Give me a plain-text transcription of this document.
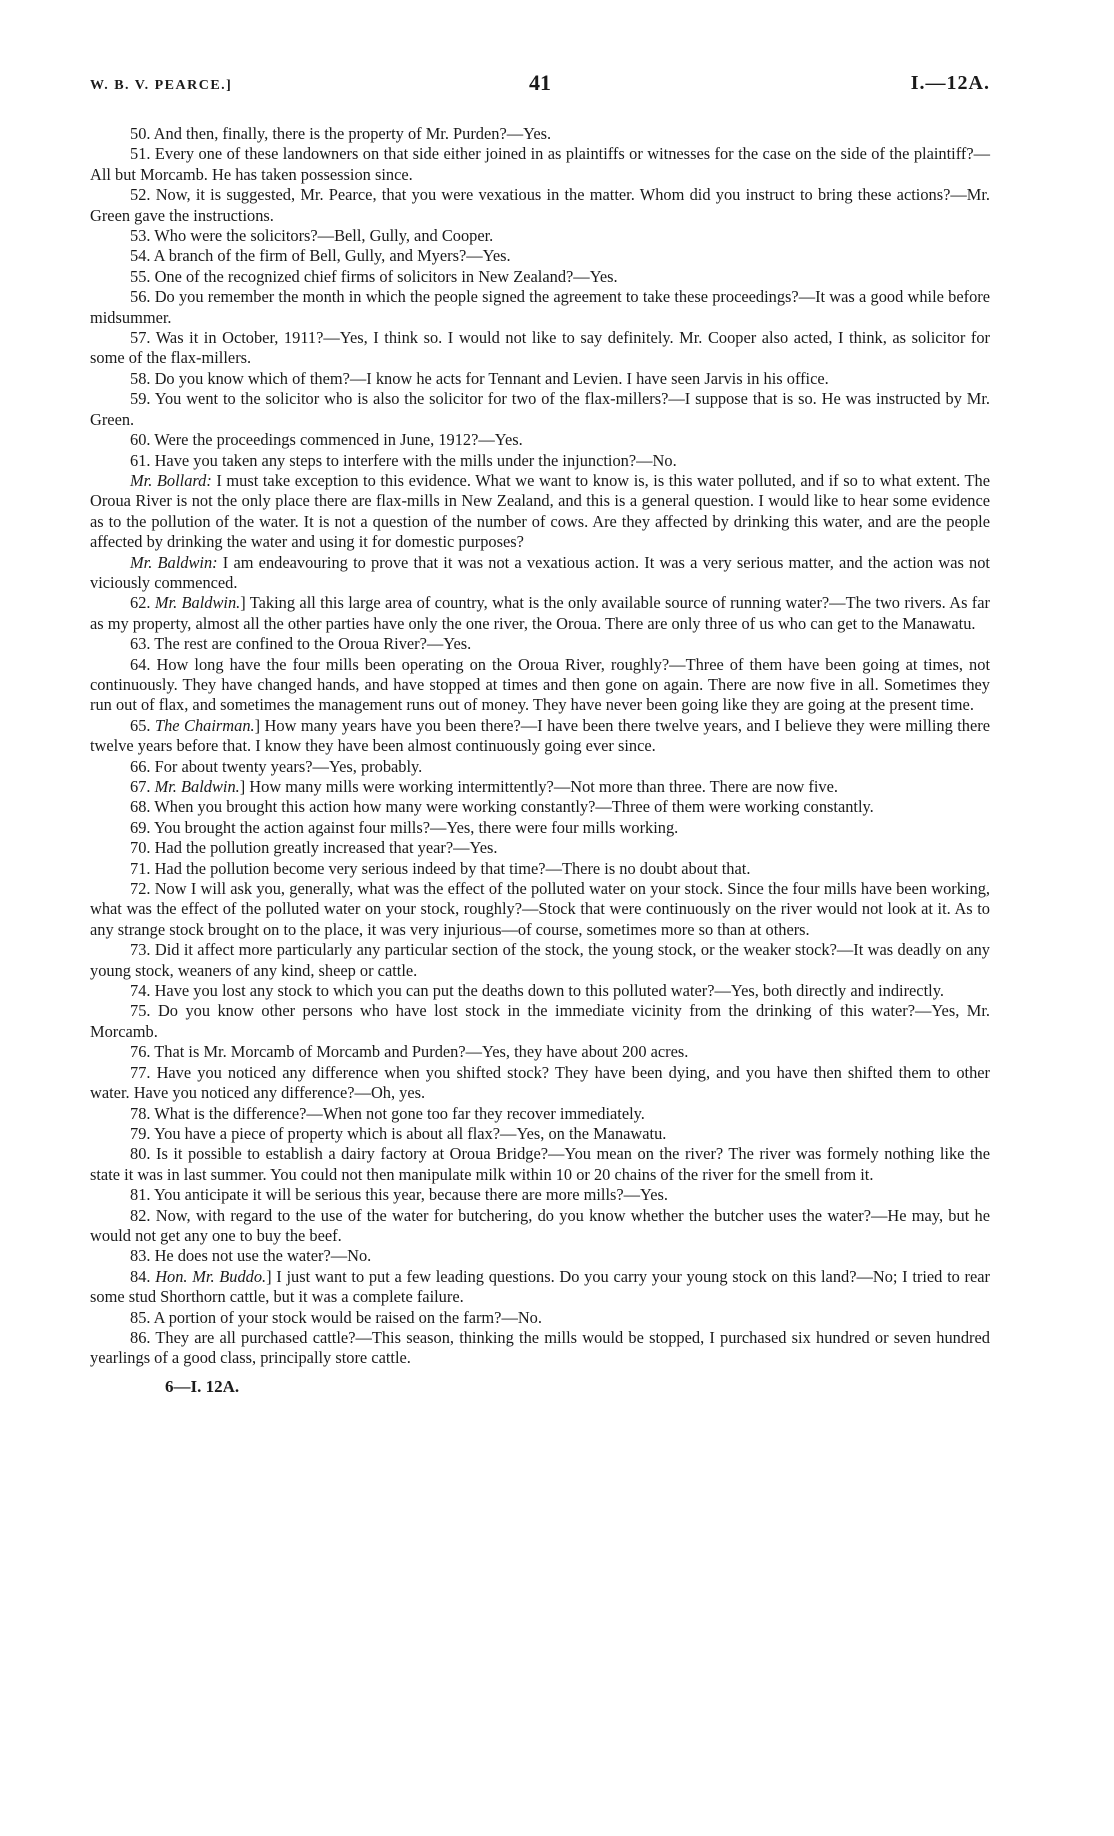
W. B. V. PEARCE.]	41	I.—12A.

50. And then, finally, there is the property of Mr. Purden?—Yes.

51. Every one of these landowners on that side either joined in as plaintiffs or witnesses for the case on the side of the plaintiff?—All but Morcamb. He has taken possession since.

52. Now, it is suggested, Mr. Pearce, that you were vexatious in the matter. Whom did you instruct to bring these actions?—Mr. Green gave the instructions.

53. Who were the solicitors?—Bell, Gully, and Cooper.

54. A branch of the firm of Bell, Gully, and Myers?—Yes.

55. One of the recognized chief firms of solicitors in New Zealand?—Yes.

56. Do you remember the month in which the people signed the agreement to take these proceedings?—It was a good while before midsummer.

57. Was it in October, 1911?—Yes, I think so. I would not like to say definitely. Mr. Cooper also acted, I think, as solicitor for some of the flax-millers.

58. Do you know which of them?—I know he acts for Tennant and Levien. I have seen Jarvis in his office.

59. You went to the solicitor who is also the solicitor for two of the flax-millers?—I suppose that is so. He was instructed by Mr. Green.

60. Were the proceedings commenced in June, 1912?—Yes.

61. Have you taken any steps to interfere with the mills under the injunction?—No.

Mr. Bollard: I must take exception to this evidence. What we want to know is, is this water polluted, and if so to what extent. The Oroua River is not the only place there are flax-mills in New Zealand, and this is a general question. I would like to hear some evidence as to the pollution of the water. It is not a question of the number of cows. Are they affected by drinking this water, and are the people affected by drinking the water and using it for domestic purposes?

Mr. Baldwin: I am endeavouring to prove that it was not a vexatious action. It was a very serious matter, and the action was not viciously commenced.

62. Mr. Baldwin.] Taking all this large area of country, what is the only available source of running water?—The two rivers. As far as my property, almost all the other parties have only the one river, the Oroua. There are only three of us who can get to the Manawatu.

63. The rest are confined to the Oroua River?—Yes.

64. How long have the four mills been operating on the Oroua River, roughly?—Three of them have been going at times, not continuously. They have changed hands, and have stopped at times and then gone on again. There are now five in all. Sometimes they run out of flax, and sometimes the management runs out of money. They have never been going like they are going at the present time.

65. The Chairman.] How many years have you been there?—I have been there twelve years, and I believe they were milling there twelve years before that. I know they have been almost continuously going ever since.

66. For about twenty years?—Yes, probably.

67. Mr. Baldwin.] How many mills were working intermittently?—Not more than three. There are now five.

68. When you brought this action how many were working constantly?—Three of them were working constantly.

69. You brought the action against four mills?—Yes, there were four mills working.

70. Had the pollution greatly increased that year?—Yes.

71. Had the pollution become very serious indeed by that time?—There is no doubt about that.

72. Now I will ask you, generally, what was the effect of the polluted water on your stock. Since the four mills have been working, what was the effect of the polluted water on your stock, roughly?—Stock that were continuously on the river would not look at it. As to any strange stock brought on to the place, it was very injurious—of course, sometimes more so than at others.

73. Did it affect more particularly any particular section of the stock, the young stock, or the weaker stock?—It was deadly on any young stock, weaners of any kind, sheep or cattle.

74. Have you lost any stock to which you can put the deaths down to this polluted water?—Yes, both directly and indirectly.

75. Do you know other persons who have lost stock in the immediate vicinity from the drinking of this water?—Yes, Mr. Morcamb.

76. That is Mr. Morcamb of Morcamb and Purden?—Yes, they have about 200 acres.

77. Have you noticed any difference when you shifted stock? They have been dying, and you have then shifted them to other water. Have you noticed any difference?—Oh, yes.

78. What is the difference?—When not gone too far they recover immediately.

79. You have a piece of property which is about all flax?—Yes, on the Manawatu.

80. Is it possible to establish a dairy factory at Oroua Bridge?—You mean on the river? The river was formely nothing like the state it was in last summer. You could not then manipulate milk within 10 or 20 chains of the river for the smell from it.

81. You anticipate it will be serious this year, because there are more mills?—Yes.

82. Now, with regard to the use of the water for butchering, do you know whether the butcher uses the water?—He may, but he would not get any one to buy the beef.

83. He does not use the water?—No.

84. Hon. Mr. Buddo.] I just want to put a few leading questions. Do you carry your young stock on this land?—No; I tried to rear some stud Shorthorn cattle, but it was a complete failure.

85. A portion of your stock would be raised on the farm?—No.

86. They are all purchased cattle?—This season, thinking the mills would be stopped, I purchased six hundred or seven hundred yearlings of a good class, principally store cattle.

6—I. 12A.
